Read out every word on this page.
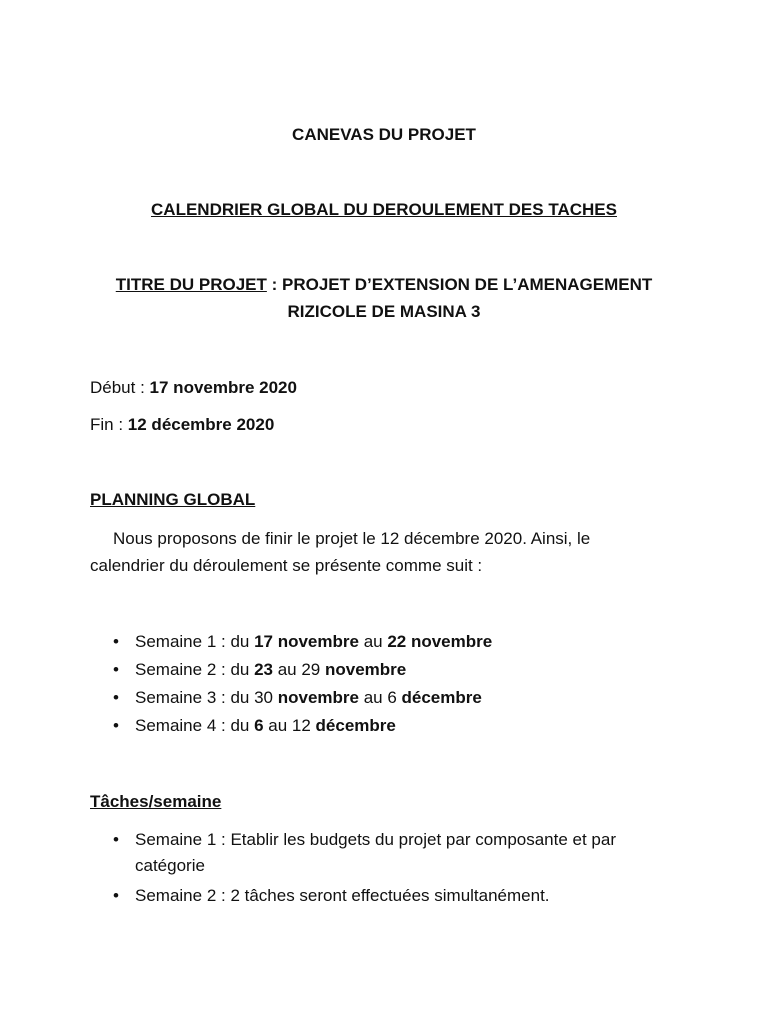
CANEVAS DU PROJET
CALENDRIER GLOBAL DU DEROULEMENT DES TACHES
TITRE DU PROJET : PROJET D’EXTENSION DE L’AMENAGEMENT
RIZICOLE DE MASINA 3
Début : 17 novembre 2020
Fin : 12 décembre 2020
PLANNING GLOBAL
Nous proposons de finir le projet le 12 décembre 2020. Ainsi, le
calendrier du déroulement se présente comme suit :
• Semaine 1 : du 17 novembre au 22 novembre
• Semaine 2 : du 23 au 29 novembre
• Semaine 3 : du 30 novembre au 6 décembre
• Semaine 4 : du 6 au 12 décembre
Tâches/semaine
• Semaine 1 : Etablir les budgets du projet par composante et par
catégorie
• Semaine 2 : 2 tâches seront effectuées simultanément.
